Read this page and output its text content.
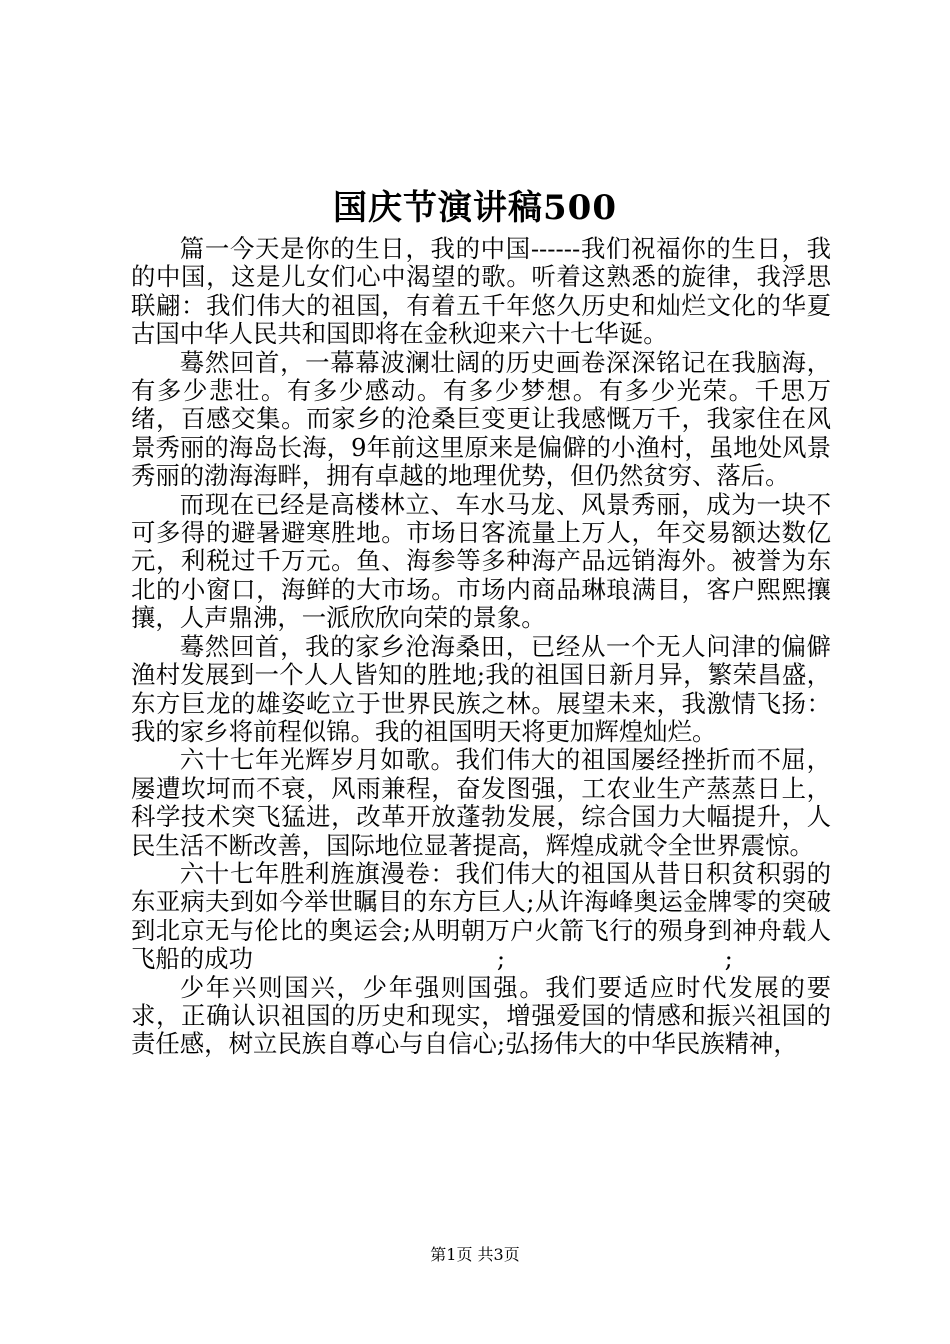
国庆节演讲稿500

篇一今天是你的生日，我的中国------我们祝福你的生日，我的中国，这是儿女们心中渴望的歌。听着这熟悉的旋律，我浮思联翩：我们伟大的祖国，有着五千年悠久历史和灿烂文化的华夏古国中华人民共和国即将在金秋迎来六十七华诞。

蓦然回首，一幕幕波澜壮阔的历史画卷深深铭记在我脑海，有多少悲壮。有多少感动。有多少梦想。有多少光荣。千思万绪，百感交集。而家乡的沧桑巨变更让我感慨万千，我家住在风景秀丽的海岛长海，9年前这里原来是偏僻的小渔村，虽地处风景秀丽的渤海海畔，拥有卓越的地理优势，但仍然贫穷、落后。

而现在已经是高楼林立、车水马龙、风景秀丽，成为一块不可多得的避暑避寒胜地。市场日客流量上万人，年交易额达数亿元，利税过千万元。鱼、海参等多种海产品远销海外。被誉为东北的小窗口，海鲜的大市场。市场内商品琳琅满目，客户熙熙攘攘，人声鼎沸，一派欣欣向荣的景象。

蓦然回首，我的家乡沧海桑田，已经从一个无人问津的偏僻渔村发展到一个人人皆知的胜地;我的祖国日新月异，繁荣昌盛，东方巨龙的雄姿屹立于世界民族之林。展望未来，我激情飞扬：我的家乡将前程似锦。我的祖国明天将更加辉煌灿烂。

六十七年光辉岁月如歌。我们伟大的祖国屡经挫折而不屈，屡遭坎坷而不衰，风雨兼程，奋发图强，工农业生产蒸蒸日上，科学技术突飞猛进，改革开放蓬勃发展，综合国力大幅提升，人民生活不断改善，国际地位显著提高，辉煌成就令全世界震惊。

六十七年胜利旌旗漫卷：我们伟大的祖国从昔日积贫积弱的东亚病夫到如今举世瞩目的东方巨人;从许海峰奥运金牌零的突破到北京无与伦比的奥运会;从明朝万户火箭飞行的殒身到神舟载人飞船的成功　　　　　　　　　　;　　　　　　　　　;

少年兴则国兴，少年强则国强。我们要适应时代发展的要求，正确认识祖国的历史和现实，增强爱国的情感和振兴祖国的责任感，树立民族自尊心与自信心;弘扬伟大的中华民族精神，

第1页 共3页
